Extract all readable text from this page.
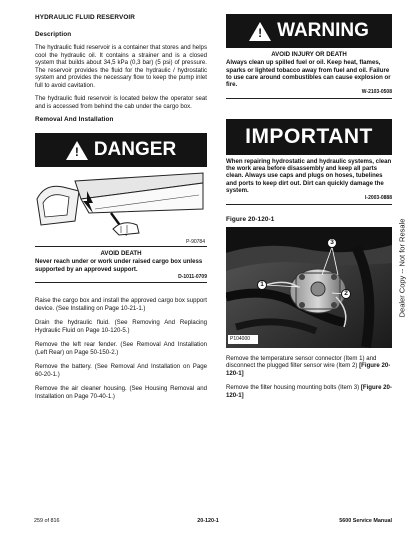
HYDRAULIC FLUID RESERVOIR
Description

The hydraulic fluid reservoir is a container that stores and helps cool the hydraulic oil. It contains a strainer and is a closed system that builds about 34,5 kPa (0,3 bar) (5 psi) of pressure. The reservoir provides the fluid for the hydraulic / hydrostatic system and provides the necessary flow to keep the pump inlet full to avoid cavitation.

The hydraulic fluid reservoir is located below the operator seat and is accessed from behind the cab under the cargo box.

Removal And Installation
! DANGER
P-90784
AVOID DEATH
Never reach under or work under raised cargo box unless supported by an approved support.
D-1011-0709

Raise the cargo box and install the approved cargo box support device. (See Installing on Page 10-21-1.)

Drain the hydraulic fluid. (See Removing And Replacing Hydraulic Fluid on Page 10-120-5.)

Remove the left rear fender. (See Removal And Installation (Left Rear) on Page 50-150-2.)

Remove the battery. (See Removal And Installation on Page 60-20-1.)

Remove the air cleaner housing. (See Housing Removal and Installation on Page 70-40-1.)

! WARNING
AVOID INJURY OR DEATH
Always clean up spilled fuel or oil. Keep heat, flames, sparks or lighted tobacco away from fuel and oil. Failure to use care around combustibles can cause explosion or fire.
W-2103-0508
IMPORTANT
When repairing hydrostatic and hydraulic systems, clean the work area before disassembly and keep all parts clean. Always use caps and plugs on hoses, tubelines and ports to keep dirt out. Dirt can quickly damage the system.
I-2003-0888
Figure 20-120-1
1
2
3
P104000

Remove the temperature sensor connector (Item 1) and disconnect the plugged filter sensor wire (Item 2) [Figure 20-120-1]

Remove the filter housing mounting bolts (Item 3) [Figure 20-120-1]

Dealer Copy -- Not for Resale
259 of 816	20-120-1	5600 Service Manual
